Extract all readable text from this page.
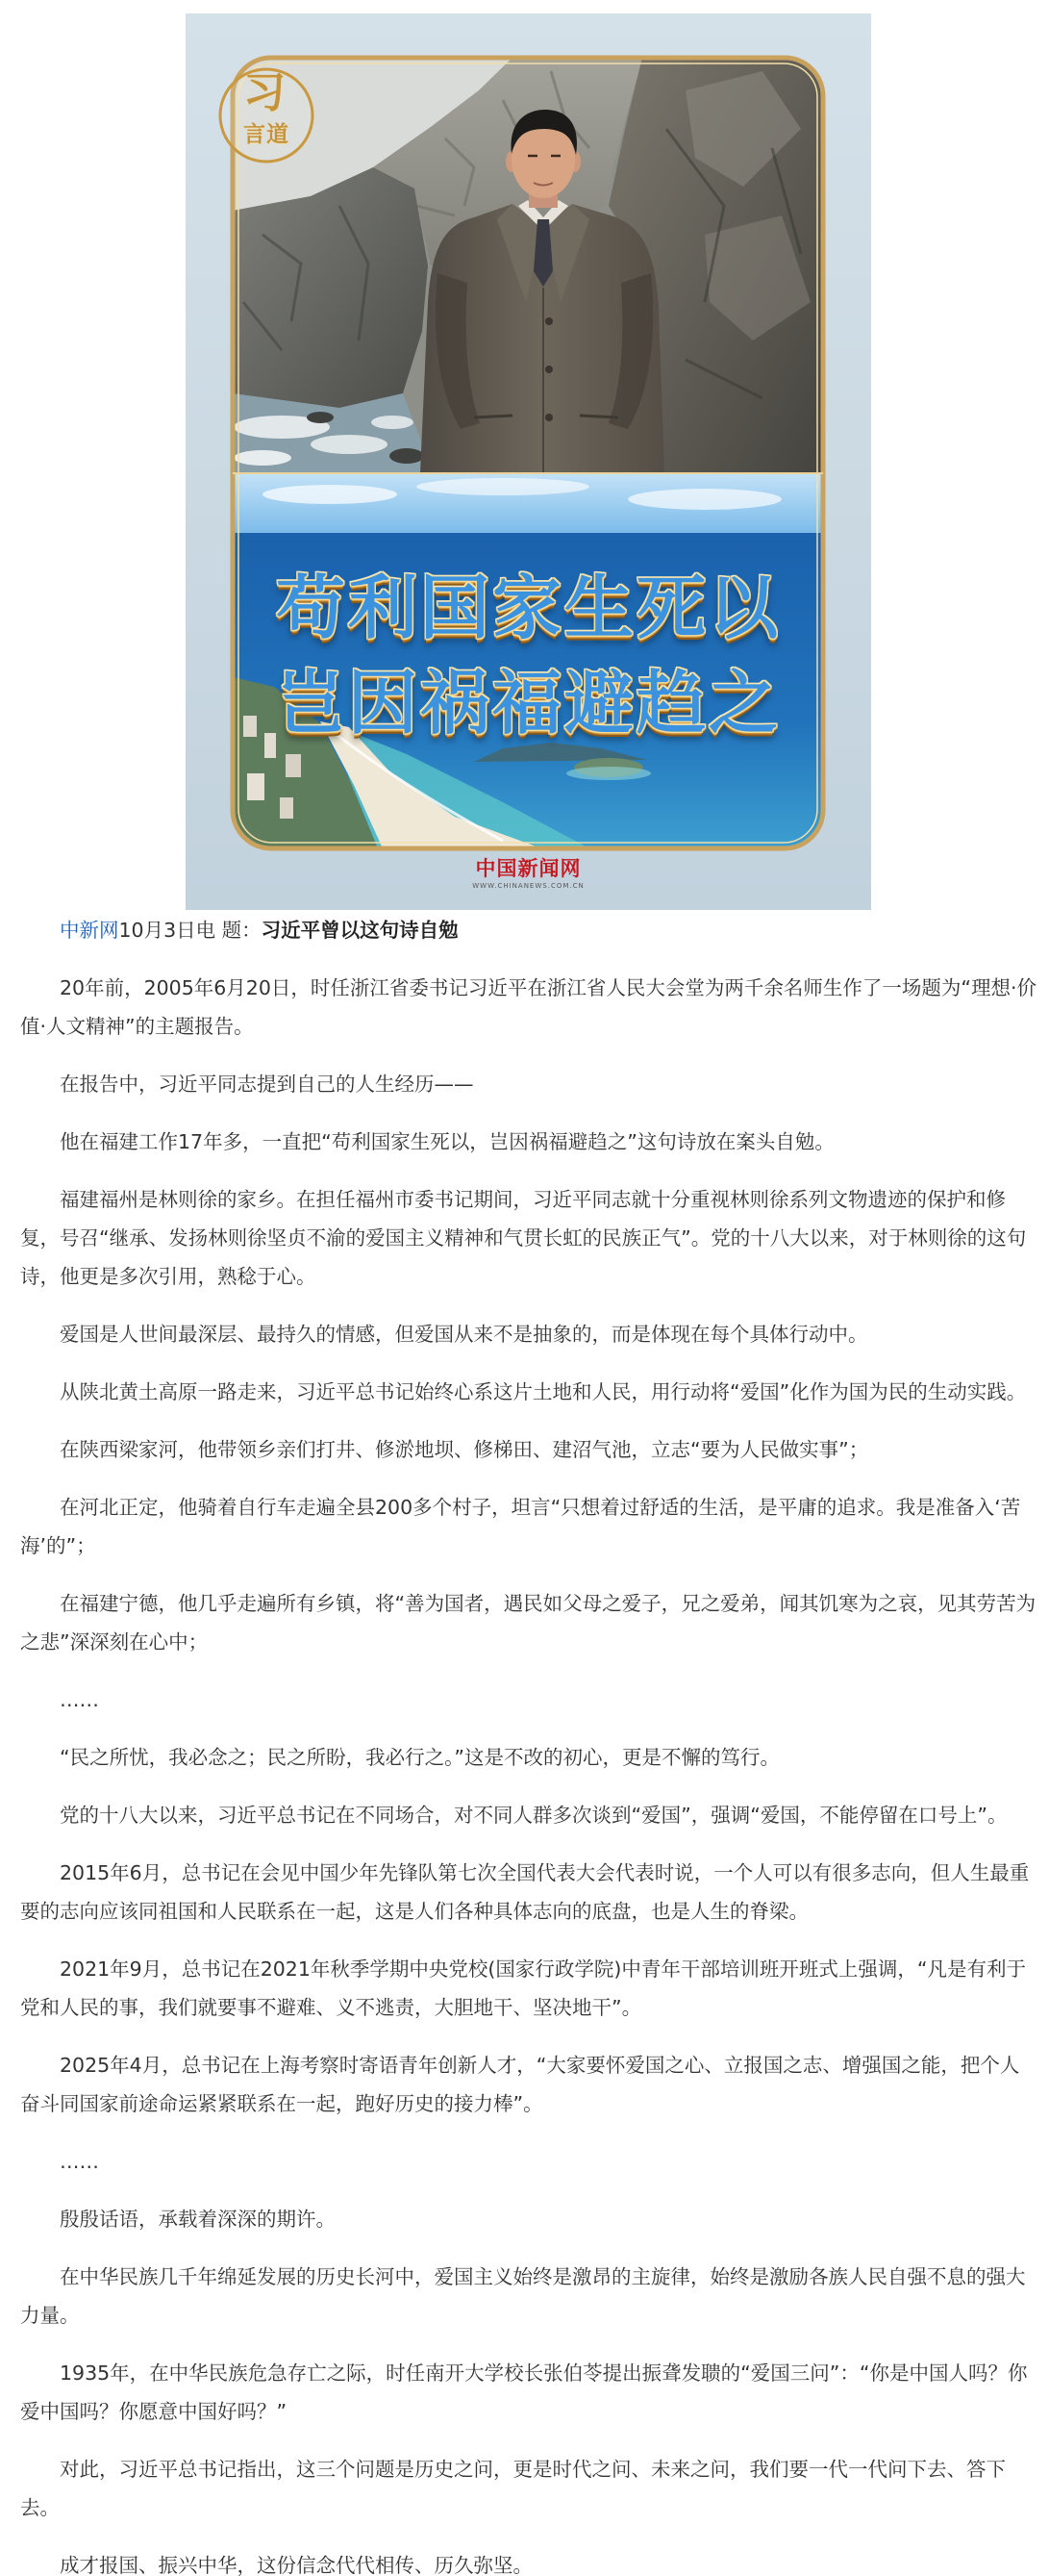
习
言道
苟利国家生死以
岂因祸福避趋之
中国新闻网
WWW.CHINANEWS.COM.CN

中新网10月3日电 题：习近平曾以这句诗自勉

20年前，2005年6月20日，时任浙江省委书记习近平在浙江省人民大会堂为两千余名师生作了一场题为“理想·价值·人文精神”的主题报告。

在报告中，习近平同志提到自己的人生经历——

他在福建工作17年多，一直把“苟利国家生死以，岂因祸福避趋之”这句诗放在案头自勉。

福建福州是林则徐的家乡。在担任福州市委书记期间，习近平同志就十分重视林则徐系列文物遗迹的保护和修复，号召“继承、发扬林则徐坚贞不渝的爱国主义精神和气贯长虹的民族正气”。党的十八大以来，对于林则徐的这句诗，他更是多次引用，熟稔于心。

爱国是人世间最深层、最持久的情感，但爱国从来不是抽象的，而是体现在每个具体行动中。

从陕北黄土高原一路走来，习近平总书记始终心系这片土地和人民，用行动将“爱国”化作为国为民的生动实践。

在陕西梁家河，他带领乡亲们打井、修淤地坝、修梯田、建沼气池，立志“要为人民做实事”；

在河北正定，他骑着自行车走遍全县200多个村子，坦言“只想着过舒适的生活，是平庸的追求。我是准备入‘苦海’的”；

在福建宁德，他几乎走遍所有乡镇，将“善为国者，遇民如父母之爱子，兄之爱弟，闻其饥寒为之哀，见其劳苦为之悲”深深刻在心中；

……

“民之所忧，我必念之；民之所盼，我必行之。”这是不改的初心，更是不懈的笃行。

党的十八大以来，习近平总书记在不同场合，对不同人群多次谈到“爱国”，强调“爱国，不能停留在口号上”。

2015年6月，总书记在会见中国少年先锋队第七次全国代表大会代表时说，一个人可以有很多志向，但人生最重要的志向应该同祖国和人民联系在一起，这是人们各种具体志向的底盘，也是人生的脊梁。

2021年9月，总书记在2021年秋季学期中央党校(国家行政学院)中青年干部培训班开班式上强调，“凡是有利于党和人民的事，我们就要事不避难、义不逃责，大胆地干、坚决地干”。

2025年4月，总书记在上海考察时寄语青年创新人才，“大家要怀爱国之心、立报国之志、增强国之能，把个人奋斗同国家前途命运紧紧联系在一起，跑好历史的接力棒”。

……

殷殷话语，承载着深深的期许。

在中华民族几千年绵延发展的历史长河中，爱国主义始终是激昂的主旋律，始终是激励各族人民自强不息的强大力量。

1935年，在中华民族危急存亡之际，时任南开大学校长张伯苓提出振聋发聩的“爱国三问”：“你是中国人吗？你爱中国吗？你愿意中国好吗？”

对此，习近平总书记指出，这三个问题是历史之问，更是时代之问、未来之问，我们要一代一代问下去、答下去。

成才报国、振兴中华，这份信念代代相传、历久弥坚。
